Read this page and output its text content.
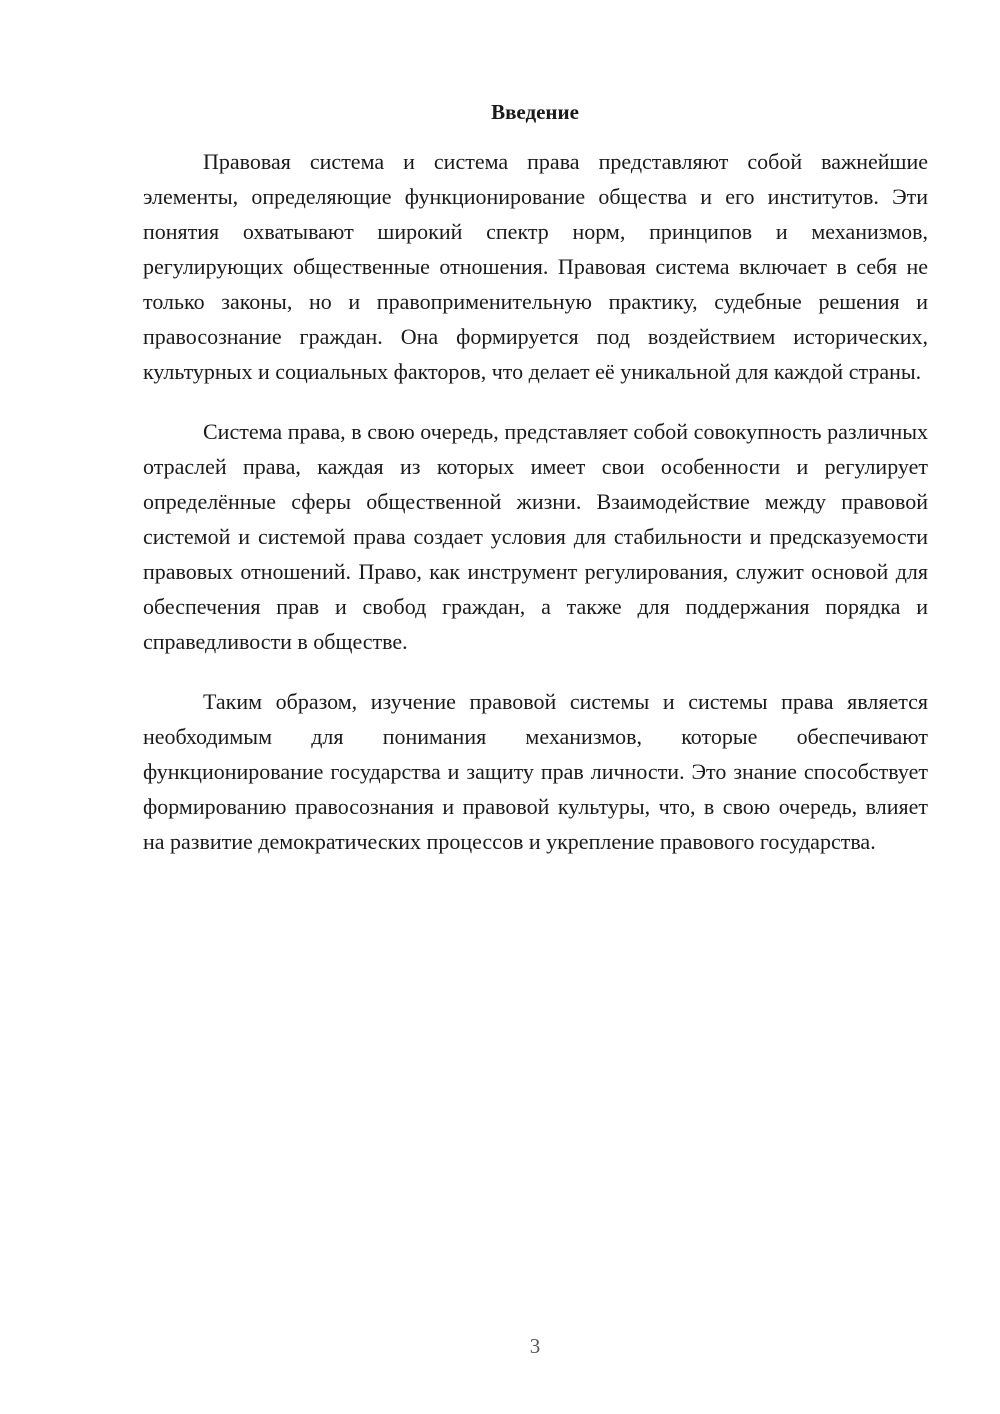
Введение

Правовая система и система права представляют собой важнейшие элементы, определяющие функционирование общества и его институтов. Эти понятия охватывают широкий спектр норм, принципов и механизмов, регулирующих общественные отношения. Правовая система включает в себя не только законы, но и правоприменительную практику, судебные решения и правосознание граждан. Она формируется под воздействием исторических, культурных и социальных факторов, что делает её уникальной для каждой страны.

Система права, в свою очередь, представляет собой совокупность различных отраслей права, каждая из которых имеет свои особенности и регулирует определённые сферы общественной жизни. Взаимодействие между правовой системой и системой права создает условия для стабильности и предсказуемости правовых отношений. Право, как инструмент регулирования, служит основой для обеспечения прав и свобод граждан, а также для поддержания порядка и справедливости в обществе.

Таким образом, изучение правовой системы и системы права является необходимым для понимания механизмов, которые обеспечивают функционирование государства и защиту прав личности. Это знание способствует формированию правосознания и правовой культуры, что, в свою очередь, влияет на развитие демократических процессов и укрепление правового государства.

3
